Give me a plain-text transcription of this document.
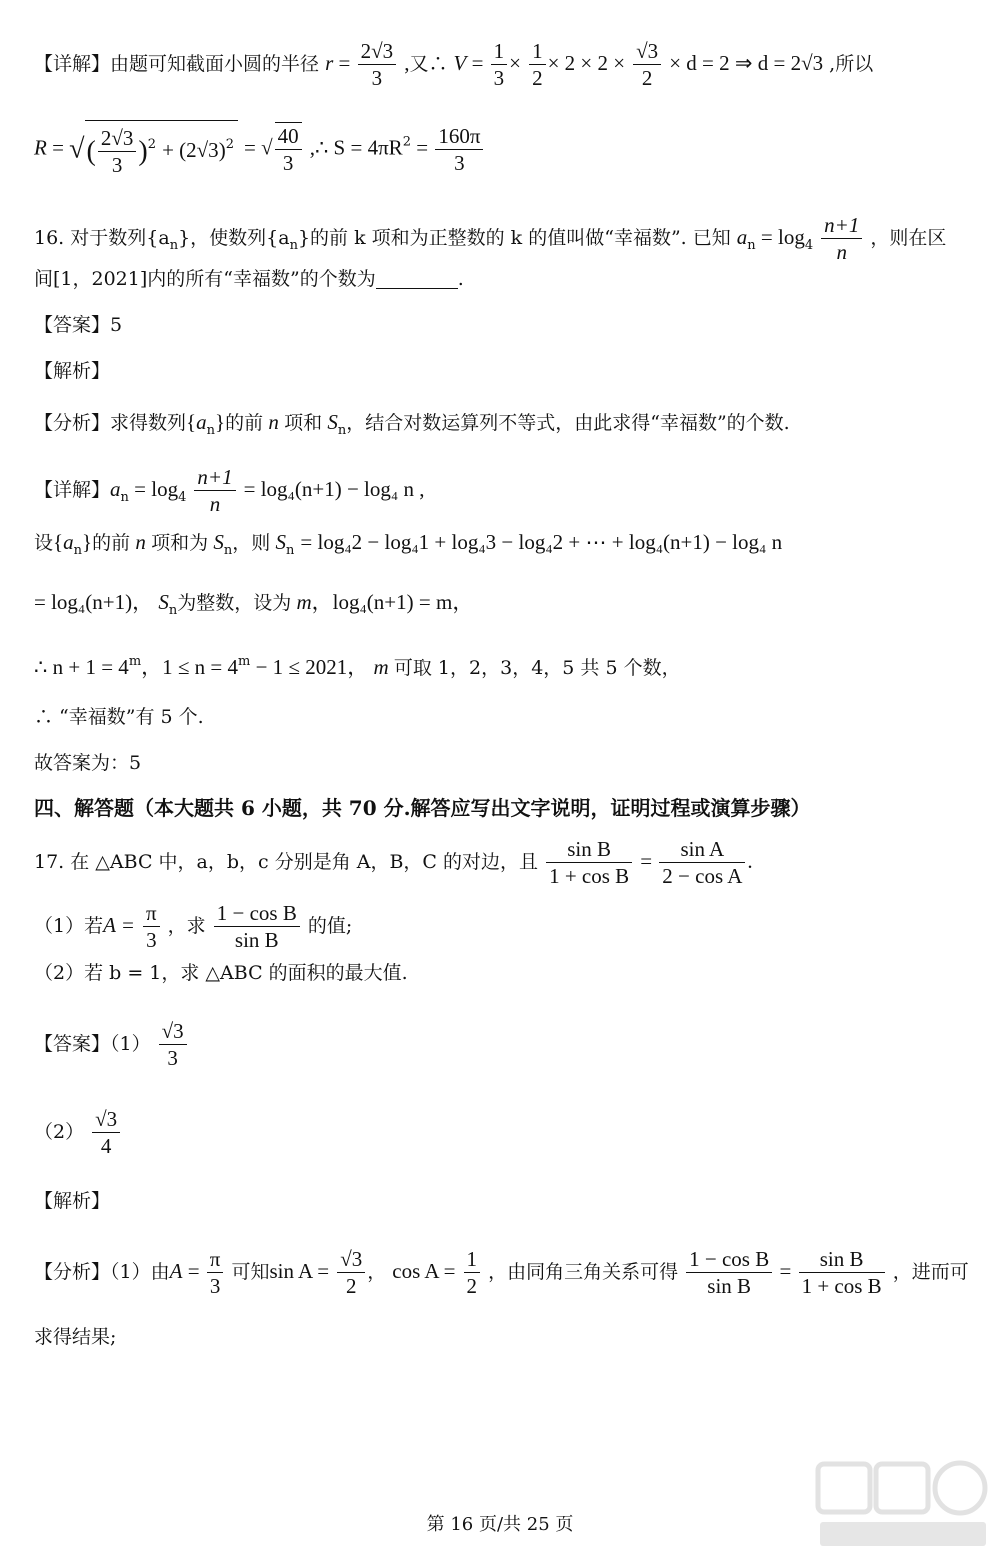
【详解】由题可知截面小圆的半径 $r = \frac{2√3}{3}$ ,又∴ $V = \frac{1}{3} \times \frac{1}{2} \times 2 \times 2 \times \frac{√3}{2} \times d = 2$ ⇒ d = 2√3 ,所以
R = √( $\frac{2√3}{3} )^2 + (2√3)^2$ = √ $\frac{40}{3}$ ,∴ $S = 4\pi R^2 = \frac{160\pi}{3}$
16. 对于数列$\{a_n\}$，使数列$\{a_n\}$的前 k 项和为正整数的 k 的值叫做“幸福数”. 已知 $a_n = \log_4 \frac{n+1}{n}$ ，则在区
间[1，2021]内的所有“幸福数”的个数为	.
【答案】5
【解析】
【分析】求得数列$\{a_n\}$的前 n 项和 $S_n$，结合对数运算列不等式，由此求得“幸福数”的个数.
【详解】$a_n = \log_4 \frac{n+1}{n} = \log_4(n+1) - \log_4$ n ,
设$\{a_n\}$的前 n 项和为 $S_n$，则 $S_n = \log_42 - \log_41 + \log_43 - \log_42$ + ⋯ + log₄(n+1) − log₄ n
= log₄(n+1)， $S_n$为整数，设为 m，log₄(n+1) = m，
∴ $n + 1 = 4^m$，$1 \le n = 4^m - 1 \le 2021$， m 可取 1，2，3，4，5 共 5 个数，
∴ “幸福数”有 5 个.
故答案为：5
四、解答题（本大题共 6 小题，共 70 分.解答应写出文字说明，证明过程或演算步骤）
17. 在 △ABC 中，a，b，c 分别是角 A，B，C 的对边，且 $\frac{\text{sin B}}{\text{1 + cos B}} = \frac{\text{sin A}}{\text{2 − cos A}}$ .
（1）若$A = \frac{\pi}{3}$ ，求 $\frac{\text{1 − cos B}}{\text{sin B}}$ 的值;
（2）若 b = 1，求 △ABC 的面积的最大值.
【答案】$(1) \frac{√3}{3}$
$(2) \frac{√3}{4}$
【解析】
【分析】（1）由$A = \frac{\pi}{3}$ 可知$\sin A = \frac{√3}{2}$ ， $\cos A = \frac{1}{2}$ ，由同角三角关系可得 $\frac{\text{1 − cos B}}{\text{sin B}} = \frac{\text{sin B}}{\text{1 + cos B}}$ ，进而可
求得结果;
第 16 页/共 25 页
